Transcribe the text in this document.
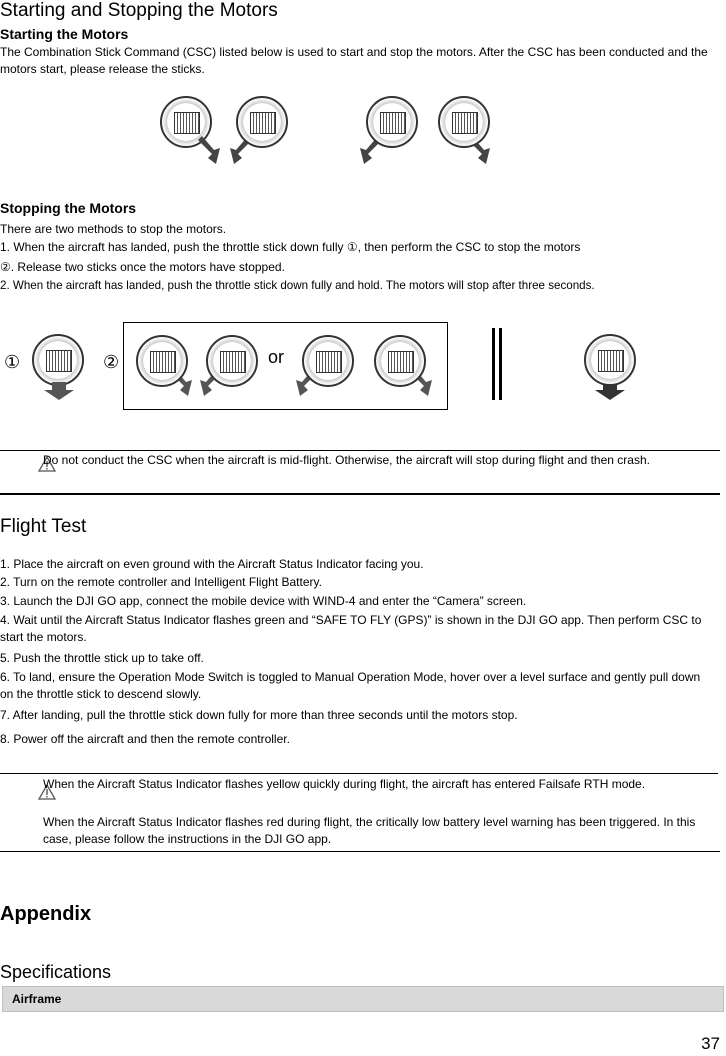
Starting and Stopping the Motors
Starting the Motors

The Combination Stick Command (CSC) listed below is used to start and stop the motors. After the CSC has been conducted and the motors start, please release the sticks.

Stopping the Motors

There are two methods to stop the motors.

1. When the aircraft has landed, push the throttle stick down fully ①, then perform the CSC to stop the motors

②. Release two sticks once the motors have stopped.

2. When the aircraft has landed, push the throttle stick down fully and hold. The motors will stop after three seconds.

①	②	or

Do not conduct the CSC when the aircraft is mid-flight. Otherwise, the aircraft will stop during flight and then crash.

Flight Test

1. Place the aircraft on even ground with the Aircraft Status Indicator facing you.

2. Turn on the remote controller and Intelligent Flight Battery.

3. Launch the DJI GO app, connect the mobile device with WIND-4 and enter the “Camera” screen.

4. Wait until the Aircraft Status Indicator flashes green and “SAFE TO FLY (GPS)” is shown in the DJI GO app. Then perform CSC to start the motors.

5. Push the throttle stick up to take off.

6. To land, ensure the Operation Mode Switch is toggled to Manual Operation Mode, hover over a level surface and gently pull down on the throttle stick to descend slowly.

7. After landing, pull the throttle stick down fully for more than three seconds until the motors stop.

8. Power off the aircraft and then the remote controller.

When the Aircraft Status Indicator flashes yellow quickly during flight, the aircraft has entered Failsafe RTH mode.

When the Aircraft Status Indicator flashes red during flight, the critically low battery level warning has been triggered. In this case, please follow the instructions in the DJI GO app.

Appendix
Specifications
Airframe
37
